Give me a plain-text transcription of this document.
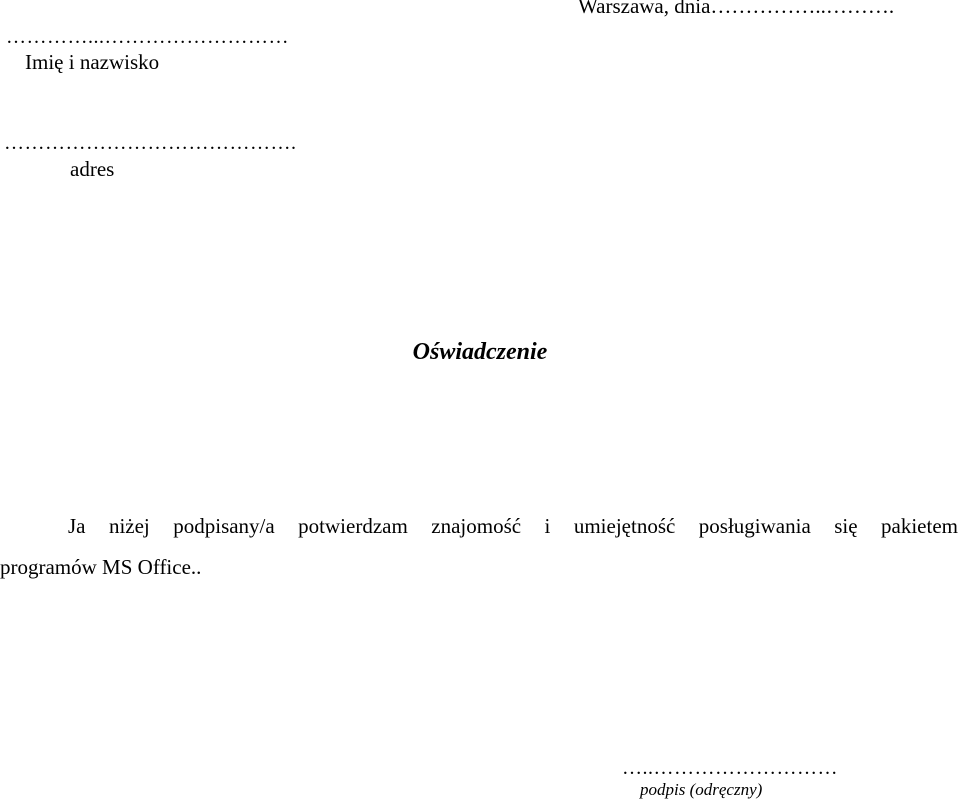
Warszawa, dnia……………..……….
…………...………………………
Imię i nazwisko
…………………………………….
adres
Oświadczenie
Ja niżej podpisany/a potwierdzam znajomość i umiejętność posługiwania się pakietem
programów MS Office..
…..………………………
podpis (odręczny)
